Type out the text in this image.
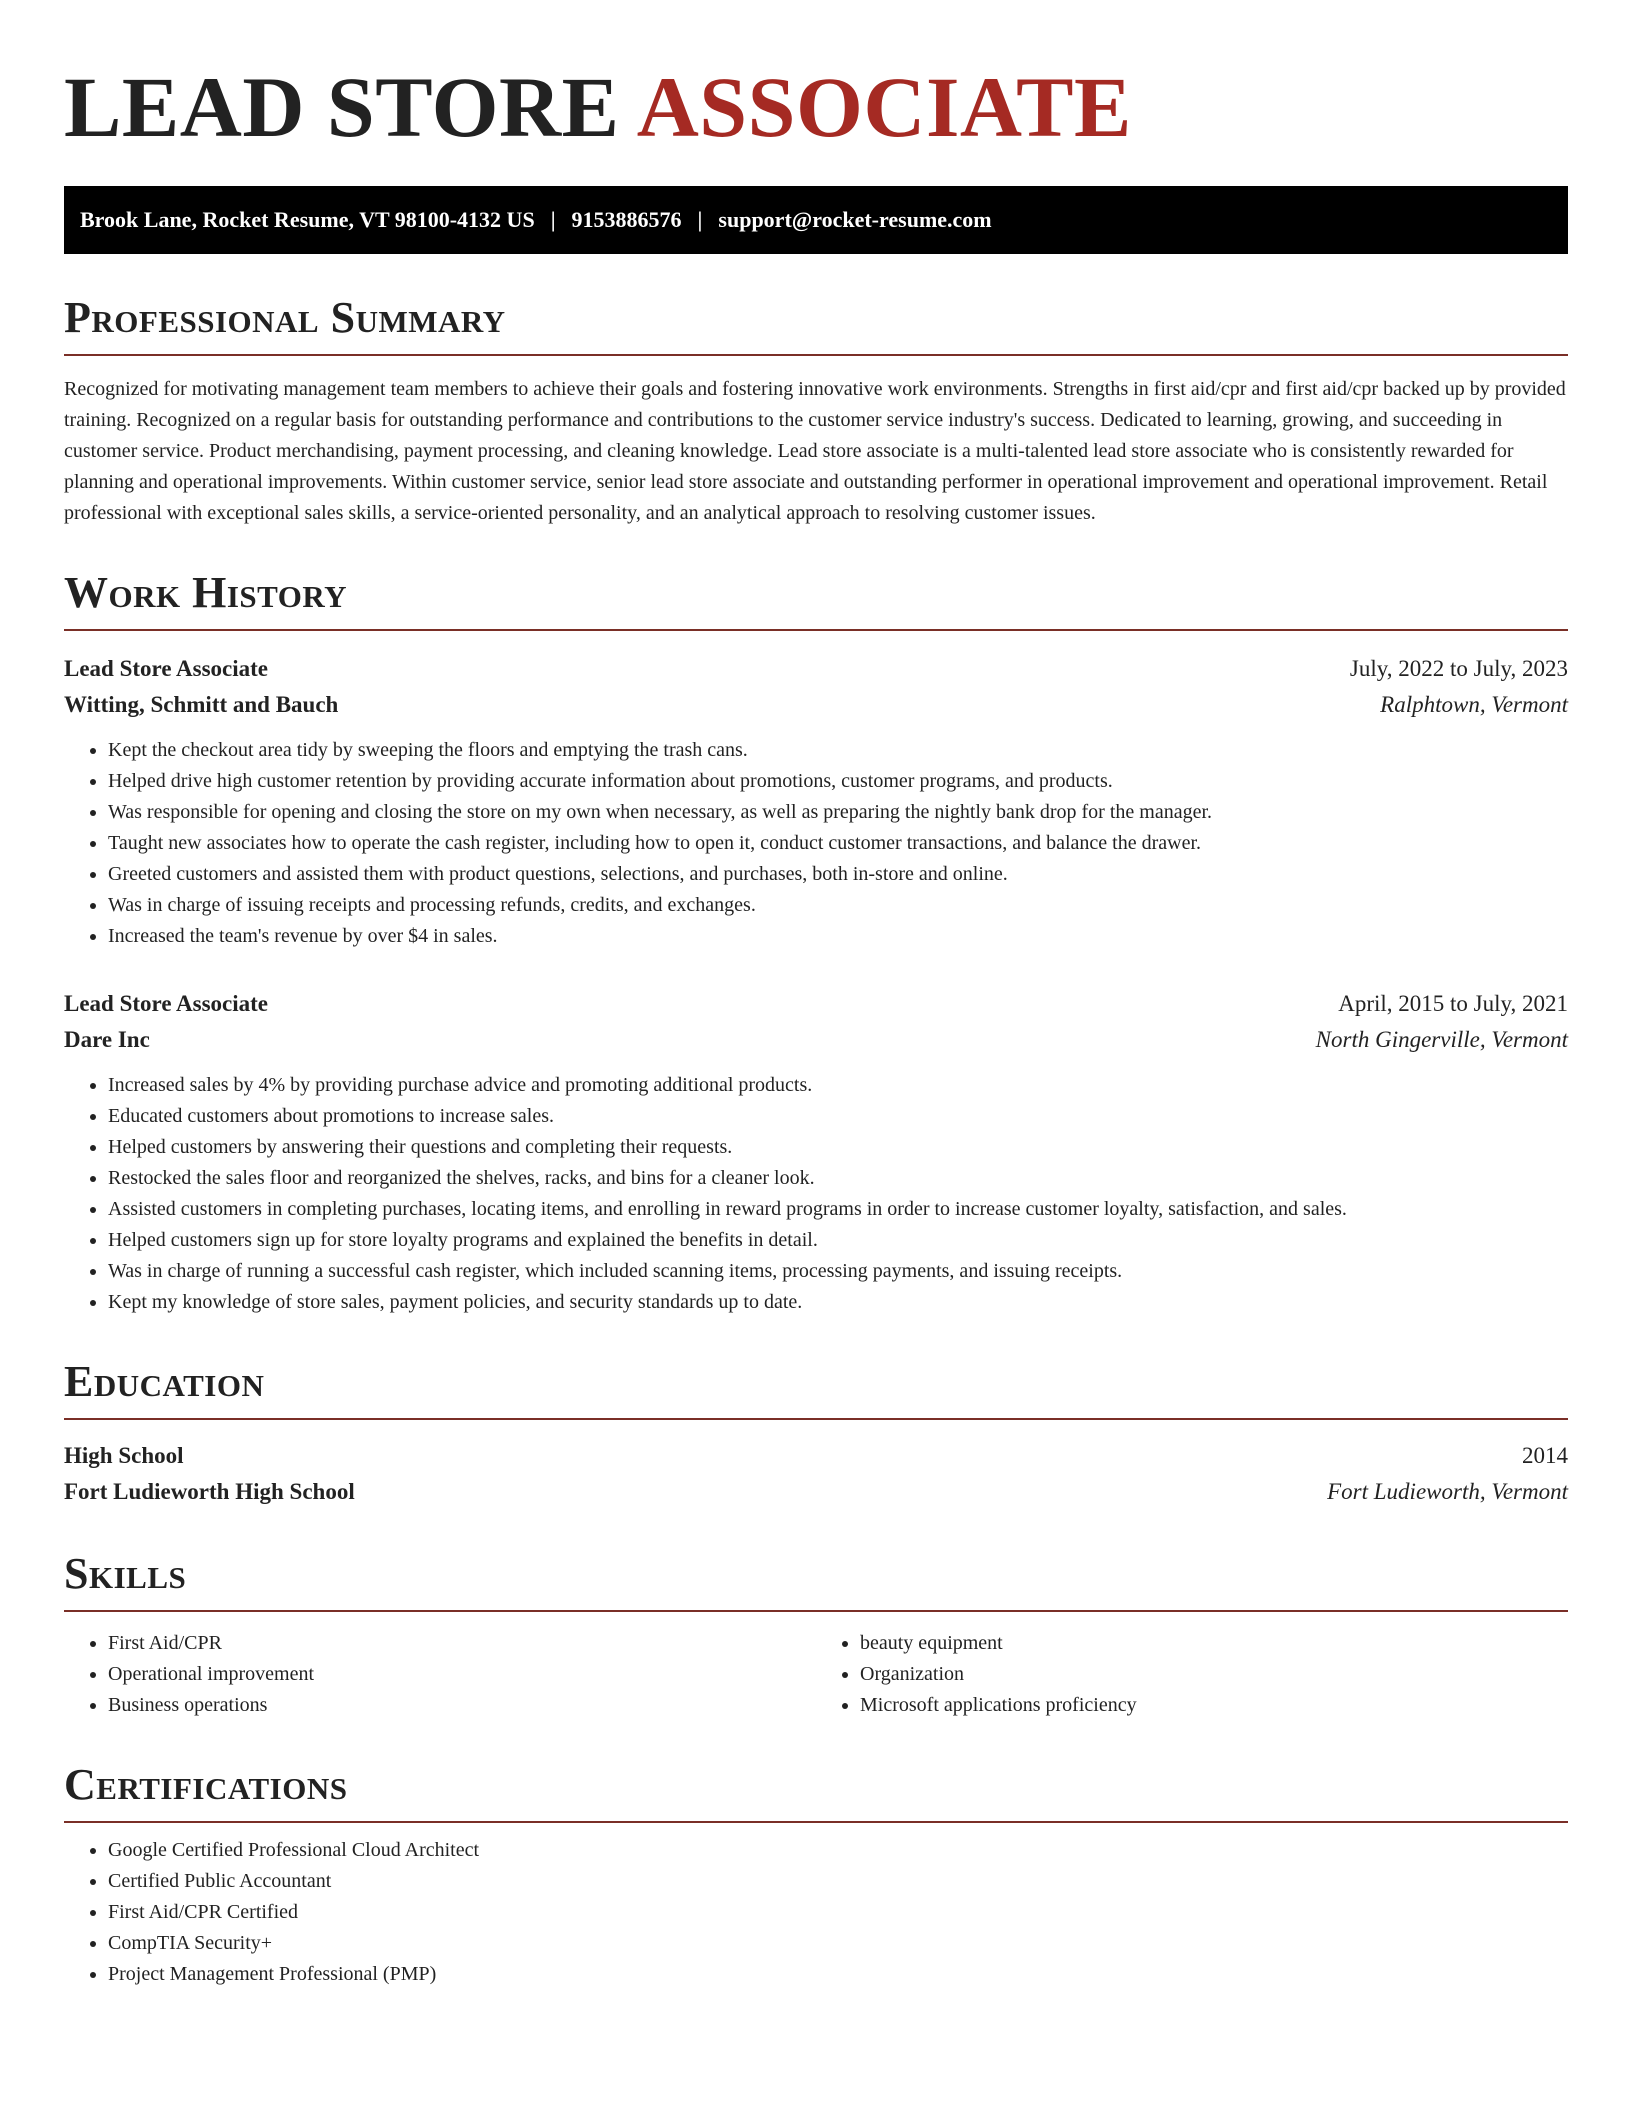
LEAD STORE ASSOCIATE
Brook Lane, Rocket Resume, VT 98100-4132 US | 9153886576 | support@rocket-resume.com
Professional Summary

Recognized for motivating management team members to achieve their goals and fostering innovative work environments. Strengths in first aid/cpr and first aid/cpr backed up by provided training. Recognized on a regular basis for outstanding performance and contributions to the customer service industry's success. Dedicated to learning, growing, and succeeding in customer service. Product merchandising, payment processing, and cleaning knowledge. Lead store associate is a multi-talented lead store associate who is consistently rewarded for planning and operational improvements. Within customer service, senior lead store associate and outstanding performer in operational improvement and operational improvement. Retail professional with exceptional sales skills, a service-oriented personality, and an analytical approach to resolving customer issues.

Work History
Lead Store Associate	July, 2022 to July, 2023
Witting, Schmitt and Bauch	Ralphtown, Vermont
• Kept the checkout area tidy by sweeping the floors and emptying the trash cans.
• Helped drive high customer retention by providing accurate information about promotions, customer programs, and products.
• Was responsible for opening and closing the store on my own when necessary, as well as preparing the nightly bank drop for the manager.
• Taught new associates how to operate the cash register, including how to open it, conduct customer transactions, and balance the drawer.
• Greeted customers and assisted them with product questions, selections, and purchases, both in-store and online.
• Was in charge of issuing receipts and processing refunds, credits, and exchanges.
• Increased the team's revenue by over $4 in sales.
Lead Store Associate	April, 2015 to July, 2021
Dare Inc	North Gingerville, Vermont
• Increased sales by 4% by providing purchase advice and promoting additional products.
• Educated customers about promotions to increase sales.
• Helped customers by answering their questions and completing their requests.
• Restocked the sales floor and reorganized the shelves, racks, and bins for a cleaner look.
• Assisted customers in completing purchases, locating items, and enrolling in reward programs in order to increase customer loyalty, satisfaction, and sales.
• Helped customers sign up for store loyalty programs and explained the benefits in detail.
• Was in charge of running a successful cash register, which included scanning items, processing payments, and issuing receipts.
• Kept my knowledge of store sales, payment policies, and security standards up to date.
Education
High School	2014
Fort Ludieworth High School	Fort Ludieworth, Vermont
Skills
• First Aid/CPR
• Operational improvement
• Business operations
• beauty equipment
• Organization
• Microsoft applications proficiency
Certifications
• Google Certified Professional Cloud Architect
• Certified Public Accountant
• First Aid/CPR Certified
• CompTIA Security+
• Project Management Professional (PMP)
